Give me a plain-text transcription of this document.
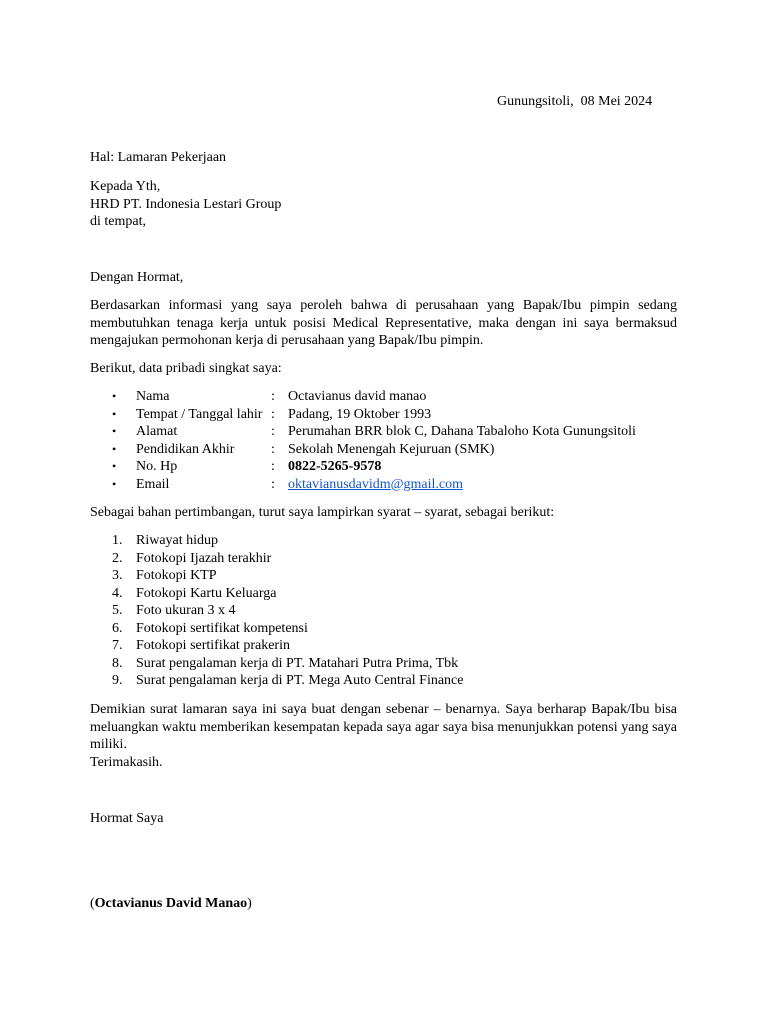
Gunungsitoli,  08 Mei 2024
Hal: Lamaran Pekerjaan
Kepada Yth,
HRD PT. Indonesia Lestari Group
di tempat,
Dengan Hormat,
Berdasarkan informasi yang saya peroleh bahwa di perusahaan yang Bapak/Ibu pimpin sedang
membutuhkan tenaga kerja untuk posisi Medical Representative, maka dengan ini saya bermaksud
mengajukan permohonan kerja di perusahaan yang Bapak/Ibu pimpin.
Berikut, data pribadi singkat saya:
• Nama	: Octavianus david manao
• Tempat / Tanggal lahir : Padang, 19 Oktober 1993
• Alamat	: Perumahan BRR blok C, Dahana Tabaloho Kota Gunungsitoli
• Pendidikan Akhir	: Sekolah Menengah Kejuruan (SMK)
• No. Hp	: 0822-5265-9578
• Email	: oktavianusdavidm@gmail.com
Sebagai bahan pertimbangan, turut saya lampirkan syarat – syarat, sebagai berikut:
1. Riwayat hidup
2. Fotokopi Ijazah terakhir
3. Fotokopi KTP
4. Fotokopi Kartu Keluarga
5. Foto ukuran 3 x 4
6. Fotokopi sertifikat kompetensi
7. Fotokopi sertifikat prakerin
8. Surat pengalaman kerja di PT. Matahari Putra Prima, Tbk
9. Surat pengalaman kerja di PT. Mega Auto Central Finance
Demikian surat lamaran saya ini saya buat dengan sebenar – benarnya. Saya berharap Bapak/Ibu bisa
meluangkan waktu memberikan kesempatan kepada saya agar saya bisa menunjukkan potensi yang saya
miliki.
Terimakasih.
Hormat Saya
(Octavianus David Manao)
